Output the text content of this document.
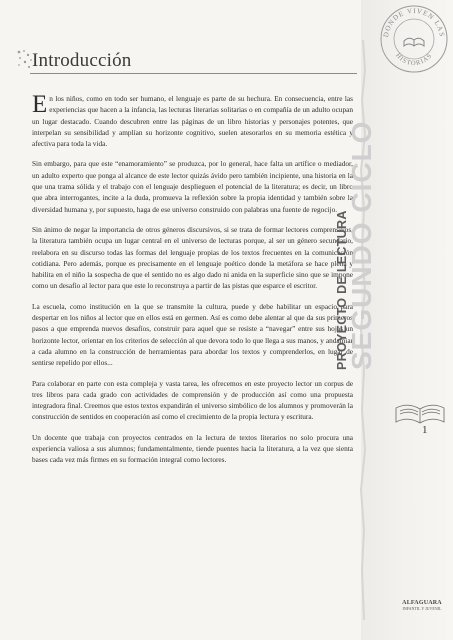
DONDE VIVEN LAS
HISTORIAS
Introducción

En los niños, como en todo ser humano, el lenguaje es parte de su hechura. En consecuencia, entre las experiencias que hacen a la infancia, las lecturas literarias solitarias o en compañía de un adulto ocupan un lugar destacado. Cuando descubren entre las páginas de un libro historias y personajes potentes, que interpelan su sensibilidad y amplían su horizonte cognitivo, suelen atesorarlos en su memoria estética y afectiva para toda la vida.

Sin embargo, para que este “enamoramiento” se produzca, por lo general, hace falta un artífice o mediador, un adulto experto que ponga al alcance de este lector quizás ávido pero también incipiente, una historia en la que una trama sólida y el trabajo con el lenguaje desplieguen el potencial de la literatura; es decir, un libro que abra interrogantes, incite a la duda, promueva la reflexión sobre la propia identidad y también sobre la diversidad humana y, por supuesto, haga de ese universo construido con palabras una fuente de regocijo.

Sin ánimo de negar la importancia de otros géneros discursivos, si se trata de formar lectores comprensivos, la literatura también ocupa un lugar central en el universo de lecturas porque, al ser un género secundario, reelabora en su discurso todas las formas del lenguaje propias de los textos frecuentes en la comunicación cotidiana. Pero además, porque es precisamente en el lenguaje poético donde la metáfora se hace plena y habilita en el niño la sospecha de que el sentido no es algo dado ni anida en la superficie sino que se impone como un desafío al lector para que este lo reconstruya a partir de las pistas que esparce el escritor.

La escuela, como institución en la que se transmite la cultura, puede y debe habilitar un espacio para despertar en los niños al lector que en ellos está en germen. Así es como debe alentar al que da sus primeros pasos a que emprenda nuevos desafíos, construir para aquel que se resiste a “navegar” entre sus hojas un horizonte lector, orientar en los criterios de selección al que devora todo lo que llega a sus manos, y andamiar a cada alumno en la construcción de herramientas para abordar los textos y comprenderlos, en lugar de sentirse repelido por ellos...

Para colaborar en parte con esta compleja y vasta tarea, les ofrecemos en este proyecto lector un corpus de tres libros para cada grado con actividades de comprensión y de producción así como una propuesta integradora final. Creemos que estos textos expandirán el universo simbólico de los alumnos y promoverán la construcción de sentidos en cooperación así como el crecimiento de la propia lectura y escritura.

Un docente que trabaja con proyectos centrados en la lectura de textos literarios no solo procura una experiencia valiosa a sus alumnos; fundamentalmente, tiende puentes hacia la literatura, a la vez que sienta bases cada vez más firmes en su formación integral como lectores.

PROYECTO DE LECTURA
SEGUNDO CICLO
1
ALFAGUARA
INFANTIL Y JUVENIL
